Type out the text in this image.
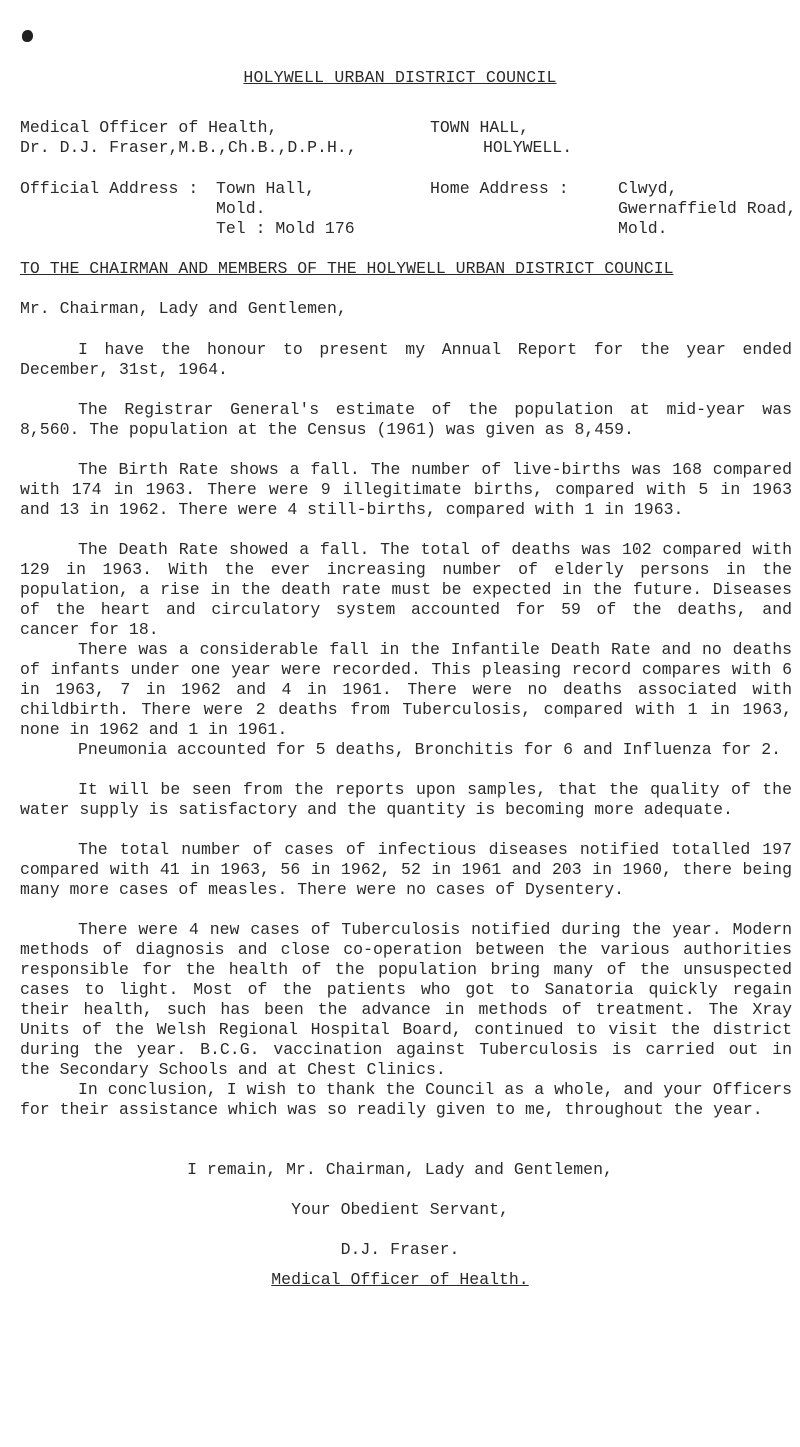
HOLYWELL URBAN DISTRICT COUNCIL
Medical Officer of Health,
Dr. D.J. Fraser,M.B.,Ch.B.,D.P.H.,
TOWN HALL,
HOLYWELL.
Official Address : Town Hall,
Mold.
Tel : Mold 176
Home Address :	Clwyd,
Gwernaffield Road,
Mold.
TO THE CHAIRMAN AND MEMBERS OF THE HOLYWELL URBAN DISTRICT COUNCIL
Mr. Chairman, Lady and Gentlemen,
I have the honour to present my Annual Report for the year ended December, 31st, 1964.
The Registrar General's estimate of the population at mid-year was 8,560. The population at the Census (1961) was given as 8,459.
The Birth Rate shows a fall. The number of live-births was 168 compared with 174 in 1963. There were 9 illegitimate births, compared with 5 in 1963 and 13 in 1962. There were 4 still-births, compared with 1 in 1963.
The Death Rate showed a fall. The total of deaths was 102 compared with 129 in 1963. With the ever increasing number of elderly persons in the population, a rise in the death rate must be expected in the future. Diseases of the heart and circulatory system accounted for 59 of the deaths, and cancer for 18.
There was a considerable fall in the Infantile Death Rate and no deaths of infants under one year were recorded. This pleasing record compares with 6 in 1963, 7 in 1962 and 4 in 1961. There were no deaths associated with childbirth. There were 2 deaths from Tuberculosis, compared with 1 in 1963, none in 1962 and 1 in 1961.
Pneumonia accounted for 5 deaths, Bronchitis for 6 and Influenza for 2.
It will be seen from the reports upon samples, that the quality of the water supply is satisfactory and the quantity is becoming more adequate.
The total number of cases of infectious diseases notified totalled 197 compared with 41 in 1963, 56 in 1962, 52 in 1961 and 203 in 1960, there being many more cases of measles. There were no cases of Dysentery.
There were 4 new cases of Tuberculosis notified during the year. Modern methods of diagnosis and close co-operation between the various authorities responsible for the health of the population bring many of the unsuspected cases to light. Most of the patients who got to Sanatoria quickly regain their health, such has been the advance in methods of treatment. The Xray Units of the Welsh Regional Hospital Board, continued to visit the district during the year. B.C.G. vaccination against Tuberculosis is carried out in the Secondary Schools and at Chest Clinics.
In conclusion, I wish to thank the Council as a whole, and your Officers for their assistance which was so readily given to me, throughout the year.
I remain, Mr. Chairman, Lady and Gentlemen,
Your Obedient Servant,
D.J. Fraser.
Medical Officer of Health.
